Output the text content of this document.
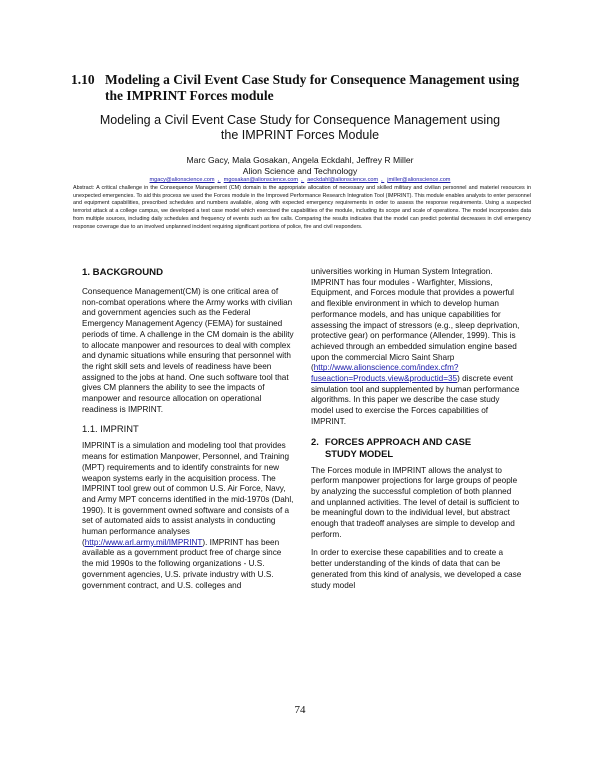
1.10 Modeling a Civil Event Case Study for Consequence Management using
the IMPRINT Forces module
Modeling a Civil Event Case Study for Consequence Management using
the IMPRINT Forces Module
Marc Gacy, Mala Gosakan, Angela Eckdahl, Jeffrey R Miller
Alion Science and Technology
mgacy@alionscience.com , mgosakan@alionscience.com , aeckdahl@alionscience.com , jmiller@alionscience.com
Abstract: A critical challenge in the Consequence Management (CM) domain is the appropriate allocation of necessary and skilled military and civilian personnel and materiel resources in unexpected emergencies. To aid this process we used the Forces module in the Improved Performance Research Integration Tool (IMPRINT). This module enables analysts to enter personnel and equipment capabilities, prescribed schedules and numbers available, along with expected emergency requirements in order to assess the response requirements. Using a suspected terrorist attack at a college campus, we developed a test case model which exercised the capabilities of the module, including its scope and scale of operations. The model incorporates data from multiple sources, including daily schedules and frequency of events such as fire calls. Comparing the results indicates that the model can predict potential decreases in civil emergency response coverage due to an involved unplanned incident requiring significant portions of police, fire and civil responders.
1. BACKGROUND

Consequence Management(CM) is one critical area of non-combat operations where the Army works with civilian and government agencies such as the Federal Emergency Management Agency (FEMA) for sustained periods of time. A challenge in the CM domain is the ability to allocate manpower and resources to deal with complex and dynamic situations while ensuring that personnel with the right skill sets and levels of readiness have been assigned to the jobs at hand. One such software tool that gives CM planners the ability to see the impacts of manpower and resource allocation on operational readiness is IMPRINT.

1.1. IMPRINT

IMPRINT is a simulation and modeling tool that provides means for estimation Manpower, Personnel, and Training (MPT) requirements and to identify constraints for new weapon systems early in the acquisition process. The IMPRINT tool grew out of common U.S. Air Force, Navy, and Army MPT concerns identified in the mid-1970s (Dahl, 1990). It is government owned software and consists of a set of automated aids to assist analysts in conducting human performance analyses (http://www.arl.army.mil/IMPRINT). IMPRINT has been available as a government product free of charge since the mid 1990s to the following organizations - U.S. government agencies, U.S. private industry with U.S. government contract, and U.S. colleges and

universities working in Human System Integration. IMPRINT has four modules - Warfighter, Missions, Equipment, and Forces module that provides a powerful and flexible environment in which to develop human performance models, and has unique capabilities for assessing the impact of stressors (e.g., sleep deprivation, protective gear) on performance (Allender, 1999). This is achieved through an embedded simulation engine based upon the commercial Micro Saint Sharp (http://www.alionscience.com/index.cfm?fuseaction=Products.view&productid=35) discrete event simulation tool and supplemented by human performance algorithms. In this paper we describe the case study model used to exercise the Forces capabilities of IMPRINT.

2. FORCES APPROACH AND CASE
STUDY MODEL

The Forces module in IMPRINT allows the analyst to perform manpower projections for large groups of people by analyzing the successful completion of both planned and unplanned activities. The level of detail is sufficient to be meaningful down to the individual level, but abstract enough that tradeoff analyses are simple to develop and perform.

In order to exercise these capabilities and to create a better understanding of the kinds of data that can be generated from this kind of analysis, we developed a case study model

74
